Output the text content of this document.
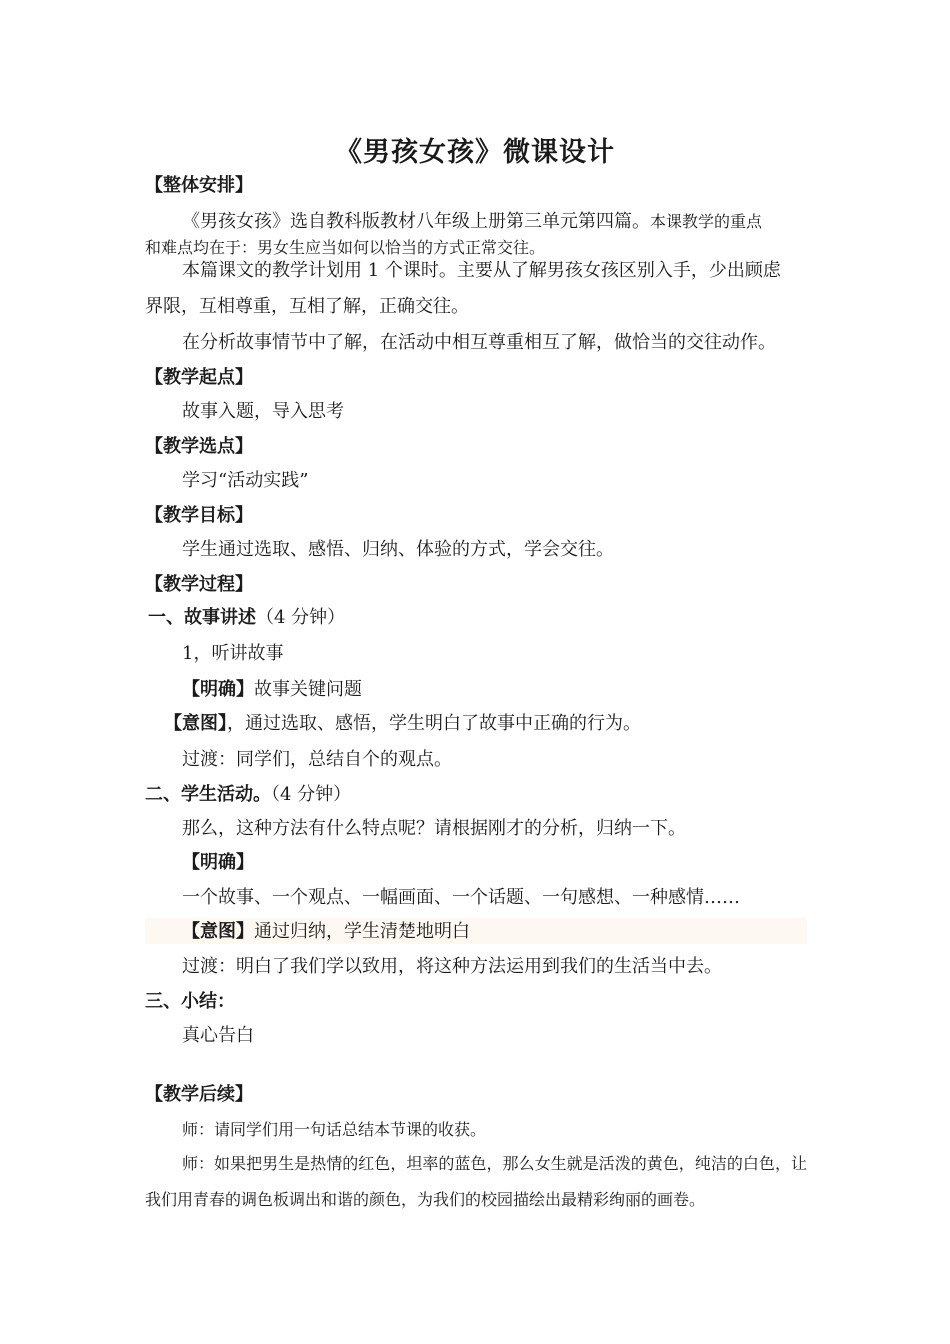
《男孩女孩》微课设计
【整体安排】
《男孩女孩》选自教科版教材八年级上册第三单元第四篇。本课教学的重点
和难点均在于：男女生应当如何以恰当的方式正常交往。
本篇课文的教学计划用 1 个课时。主要从了解男孩女孩区别入手，少出顾虑
界限，互相尊重，互相了解，正确交往。
在分析故事情节中了解，在活动中相互尊重相互了解，做恰当的交往动作。
【教学起点】
故事入题，导入思考
【教学选点】
学习“活动实践”
【教学目标】
学生通过选取、感悟、归纳、体验的方式，学会交往。
【教学过程】
一、故事讲述（4 分钟）
1，听讲故事
【明确】故事关键问题
【意图】，通过选取、感悟，学生明白了故事中正确的行为。
过渡：同学们，总结自个的观点。
二、学生活动。（4 分钟）
那么，这种方法有什么特点呢？请根据刚才的分析，归纳一下。
【明确】
一个故事、一个观点、一幅画面、一个话题、一句感想、一种感情……
【意图】通过归纳，学生清楚地明白
过渡：明白了我们学以致用，将这种方法运用到我们的生活当中去。
三、小结：
真心告白
【教学后续】
师：请同学们用一句话总结本节课的收获。
师：如果把男生是热情的红色，坦率的蓝色，那么女生就是活泼的黄色，纯洁的白色，让我们用青春的调色板调出和谐的颜色，为我们的校园描绘出最精彩绚丽的画卷。
